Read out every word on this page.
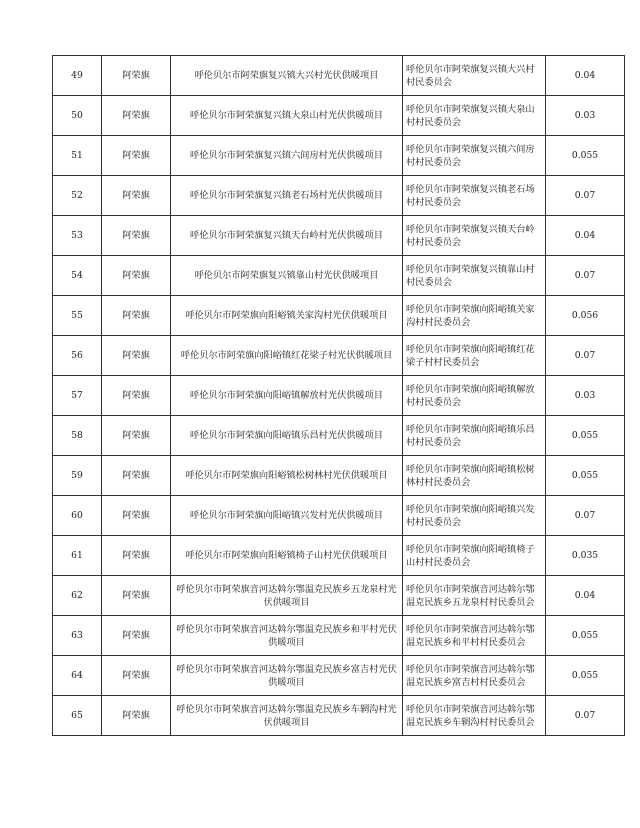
49	阿荣旗	呼伦贝尔市阿荣旗复兴镇大兴村光伏供暖项目	呼伦贝尔市阿荣旗复兴镇大兴村村民委员会	0.04
50	阿荣旗	呼伦贝尔市阿荣旗复兴镇大泉山村光伏供暖项目	呼伦贝尔市阿荣旗复兴镇大泉山村村民委员会	0.03
51	阿荣旗	呼伦贝尔市阿荣旗复兴镇六间房村光伏供暖项目	呼伦贝尔市阿荣旗复兴镇六间房村村民委员会	0.055
52	阿荣旗	呼伦贝尔市阿荣旗复兴镇老石场村光伏供暖项目	呼伦贝尔市阿荣旗复兴镇老石场村村民委员会	0.07
53	阿荣旗	呼伦贝尔市阿荣旗复兴镇天台岭村光伏供暖项目	呼伦贝尔市阿荣旗复兴镇天台岭村村民委员会	0.04
54	阿荣旗	呼伦贝尔市阿荣旗复兴镇靠山村光伏供暖项目	呼伦贝尔市阿荣旗复兴镇靠山村村民委员会	0.07
55	阿荣旗	呼伦贝尔市阿荣旗向阳峪镇关家沟村光伏供暖项目	呼伦贝尔市阿荣旗向阳峪镇关家沟村村民委员会	0.056
56	阿荣旗	呼伦贝尔市阿荣旗向阳峪镇红花梁子村光伏供暖项目	呼伦贝尔市阿荣旗向阳峪镇红花梁子村村民委员会	0.07
57	阿荣旗	呼伦贝尔市阿荣旗向阳峪镇解放村光伏供暖项目	呼伦贝尔市阿荣旗向阳峪镇解放村村民委员会	0.03
58	阿荣旗	呼伦贝尔市阿荣旗向阳峪镇乐昌村光伏供暖项目	呼伦贝尔市阿荣旗向阳峪镇乐昌村村民委员会	0.055
59	阿荣旗	呼伦贝尔市阿荣旗向阳峪镇松树林村光伏供暖项目	呼伦贝尔市阿荣旗向阳峪镇松树林村村民委员会	0.055
60	阿荣旗	呼伦贝尔市阿荣旗向阳峪镇兴发村光伏供暖项目	呼伦贝尔市阿荣旗向阳峪镇兴发村村民委员会	0.07
61	阿荣旗	呼伦贝尔市阿荣旗向阳峪镇椅子山村光伏供暖项目	呼伦贝尔市阿荣旗向阳峪镇椅子山村村民委员会	0.035
62	阿荣旗	呼伦贝尔市阿荣旗音河达斡尔鄂温克民族乡五龙泉村光伏供暖项目	呼伦贝尔市阿荣旗音河达斡尔鄂温克民族乡五龙泉村村民委员会	0.04
63	阿荣旗	呼伦贝尔市阿荣旗音河达斡尔鄂温克民族乡和平村光伏供暖项目	呼伦贝尔市阿荣旗音河达斡尔鄂温克民族乡和平村村民委员会	0.055
64	阿荣旗	呼伦贝尔市阿荣旗音河达斡尔鄂温克民族乡富吉村光伏供暖项目	呼伦贝尔市阿荣旗音河达斡尔鄂温克民族乡富吉村村民委员会	0.055
65	阿荣旗	呼伦贝尔市阿荣旗音河达斡尔鄂温克民族乡车辋沟村光伏供暖项目	呼伦贝尔市阿荣旗音河达斡尔鄂温克民族乡车辋沟村村民委员会	0.07
